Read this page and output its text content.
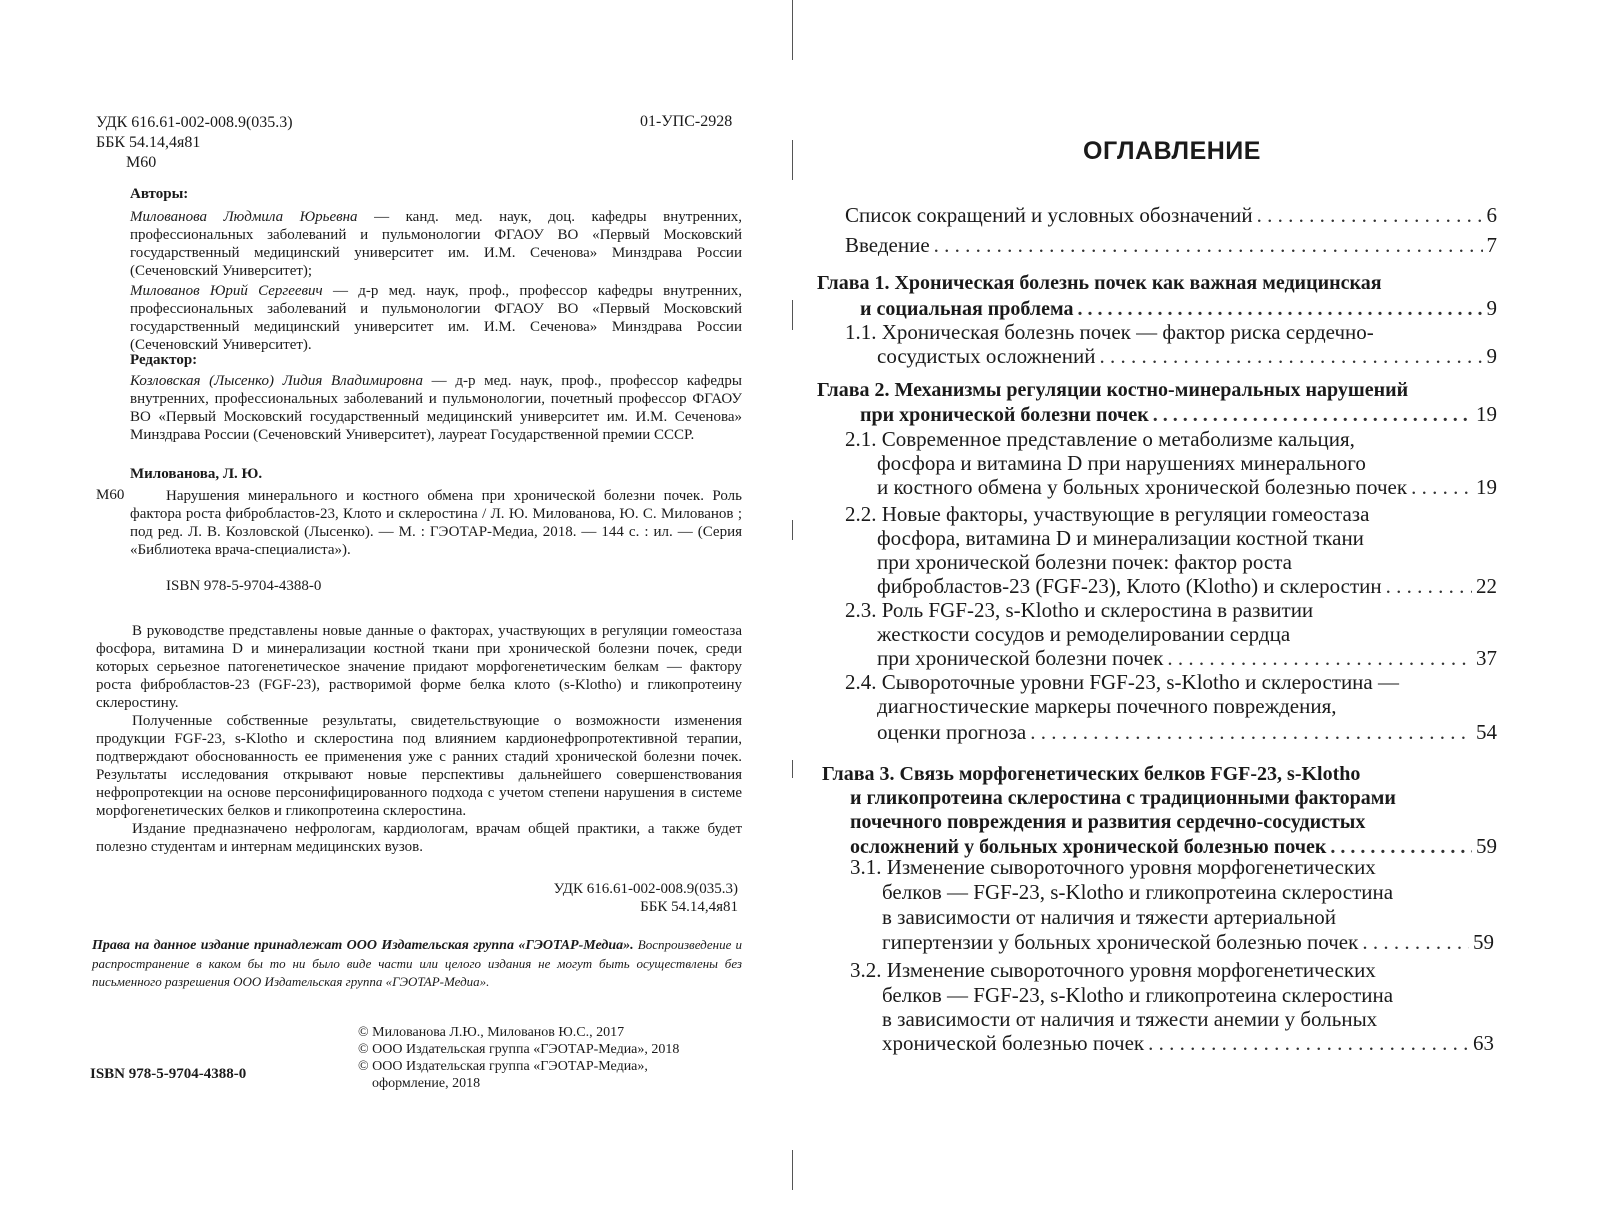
УДК 616.61-002-008.9(035.3)
ББК 54.14,4я81
М60
01-УПС-2928
Авторы:
Милованова Людмила Юрьевна — канд. мед. наук, доц. кафедры внутренних, профессиональных заболеваний и пульмонологии ФГАОУ ВО «Первый Московский государственный медицинский университет им. И.М. Сеченова» Минздрава России (Сеченовский Университет);
Милованов Юрий Сергеевич — д-р мед. наук, проф., профессор кафедры внутренних, профессиональных заболеваний и пульмонологии ФГАОУ ВО «Первый Московский государственный медицинский университет им. И.М. Сеченова» Минздрава России (Сеченовский Университет).
Редактор:
Козловская (Лысенко) Лидия Владимировна — д-р мед. наук, проф., профессор кафедры внутренних, профессиональных заболеваний и пульмонологии, почетный профессор ФГАОУ ВО «Первый Московский государственный медицинский университет им. И.М. Сеченова» Минздрава России (Сеченовский Университет), лауреат Государственной премии СССР.
Милованова, Л. Ю.
М60	Нарушения минерального и костного обмена при хронической болезни почек. Роль фактора роста фибробластов-23, Клото и склеростина / Л. Ю. Милованова, Ю. С. Милованов ; под ред. Л. В. Козловской (Лысенко). — М. : ГЭОТАР-Медиа, 2018. — 144 с. : ил. — (Серия «Библиотека врача-специалиста»).
ISBN 978-5-9704-4388-0

В руководстве представлены новые данные о факторах, участвующих в регуляции гомеостаза фосфора, витамина D и минерализации костной ткани при хронической болезни почек, среди которых серьезное патогенетическое значение придают морфогенетическим белкам — фактору роста фибробластов-23 (FGF-23), растворимой форме белка клото (s-Klotho) и гликопротеину склеростину.

Полученные собственные результаты, свидетельствующие о возможности изменения продукции FGF-23, s-Klotho и склеростина под влиянием кардионефропротективной терапии, подтверждают обоснованность ее применения уже с ранних стадий хронической болезни почек. Результаты исследования открывают новые перспективы дальнейшего совершенствования нефропротекции на основе персонифицированного подхода с учетом степени нарушения в системе морфогенетических белков и гликопротеина склеростина.

Издание предназначено нефрологам, кардиологам, врачам общей практики, а также будет полезно студентам и интернам медицинских вузов.

УДК 616.61-002-008.9(035.3)
ББК 54.14,4я81
Права на данное издание принадлежат ООО Издательская группа «ГЭОТАР-Медиа». Воспроизведение и распространение в каком бы то ни было виде части или целого издания не могут быть осуществлены без письменного разрешения ООО Издательская группа «ГЭОТАР-Медиа».
© Милованова Л.Ю., Милованов Ю.С., 2017
© ООО Издательская группа «ГЭОТАР-Медиа», 2018
© ООО Издательская группа «ГЭОТАР-Медиа»,
оформление, 2018
ISBN 978-5-9704-4388-0
ОГЛАВЛЕНИЕ
Список сокращений и условных обозначений . . .	6
Введение . . .	7
Глава 1. Хроническая болезнь почек как важная медицинская
и социальная проблема . . .	9
1.1. Хроническая болезнь почек — фактор риска сердечно-
сосудистых осложнений . . .	9
Глава 2. Механизмы регуляции костно-минеральных нарушений
при хронической болезни почек . . .	19
2.1. Современное представление о метаболизме кальция,
фосфора и витамина D при нарушениях минерального
и костного обмена у больных хронической болезнью почек . . .	19
2.2. Новые факторы, участвующие в регуляции гомеостаза
фосфора, витамина D и минерализации костной ткани
при хронической болезни почек: фактор роста
фибробластов-23 (FGF-23), Клото (Klotho) и склеростин . . .	22
2.3. Роль FGF-23, s-Klotho и склеростина в развитии
жесткости сосудов и ремоделировании сердца
при хронической болезни почек . . .	37
2.4. Сывороточные уровни FGF-23, s-Klotho и склеростина —
диагностические маркеры почечного повреждения,
оценки прогноза . . .	54
Глава 3. Связь морфогенетических белков FGF-23, s-Klotho
и гликопротеина склеростина с традиционными факторами
почечного повреждения и развития сердечно-сосудистых
осложнений у больных хронической болезнью почек . . .	59
3.1. Изменение сывороточного уровня морфогенетических
белков — FGF-23, s-Klotho и гликопротеина склеростина
в зависимости от наличия и тяжести артериальной
гипертензии у больных хронической болезнью почек . . .	59
3.2. Изменение сывороточного уровня морфогенетических
белков — FGF-23, s-Klotho и гликопротеина склеростина
в зависимости от наличия и тяжести анемии у больных
хронической болезнью почек . . .	63
